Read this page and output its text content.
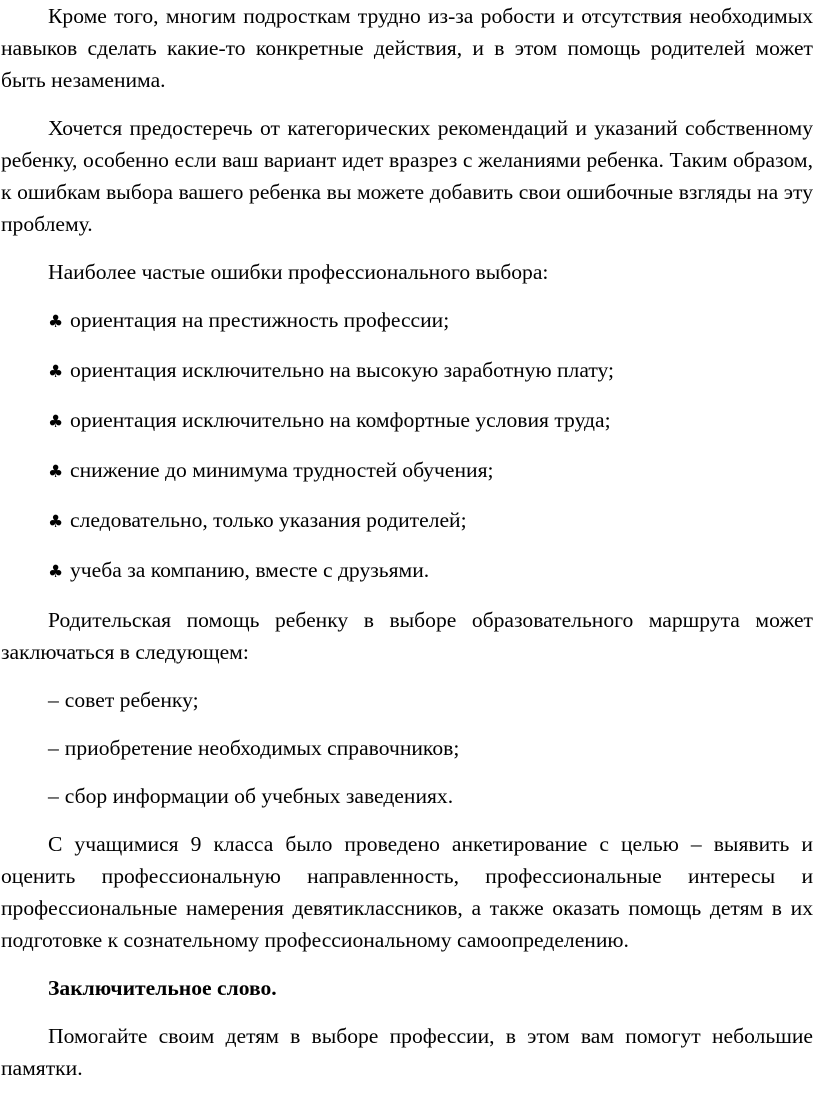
Кроме того, многим подросткам трудно из-за робости и отсутствия необходимых навыков сделать какие-то конкретные действия, и в этом помощь родителей может быть незаменима.

Хочется предостеречь от категорических рекомендаций и указаний собственному ребенку, особенно если ваш вариант идет вразрез с желаниями ребенка. Таким образом, к ошибкам выбора вашего ребенка вы можете добавить свои ошибочные взгляды на эту проблему.

Наиболее частые ошибки профессионального выбора:

♣ ориентация на престижность профессии;

♣ ориентация исключительно на высокую заработную плату;

♣ ориентация исключительно на комфортные условия труда;

♣ снижение до минимума трудностей обучения;

♣ следовательно, только указания родителей;

♣ учеба за компанию, вместе с друзьями.

Родительская помощь ребенку в выборе образовательного маршрута может заключаться в следующем:

– совет ребенку;

– приобретение необходимых справочников;

– сбор информации об учебных заведениях.

С учащимися 9 класса было проведено анкетирование с целью – выявить и оценить профессиональную направленность, профессиональные интересы и профессиональные намерения девятиклассников, а также оказать помощь детям в их подготовке к сознательному профессиональному самоопределению.

Заключительное слово.

Помогайте своим детям в выборе профессии, в этом вам помогут небольшие памятки.
